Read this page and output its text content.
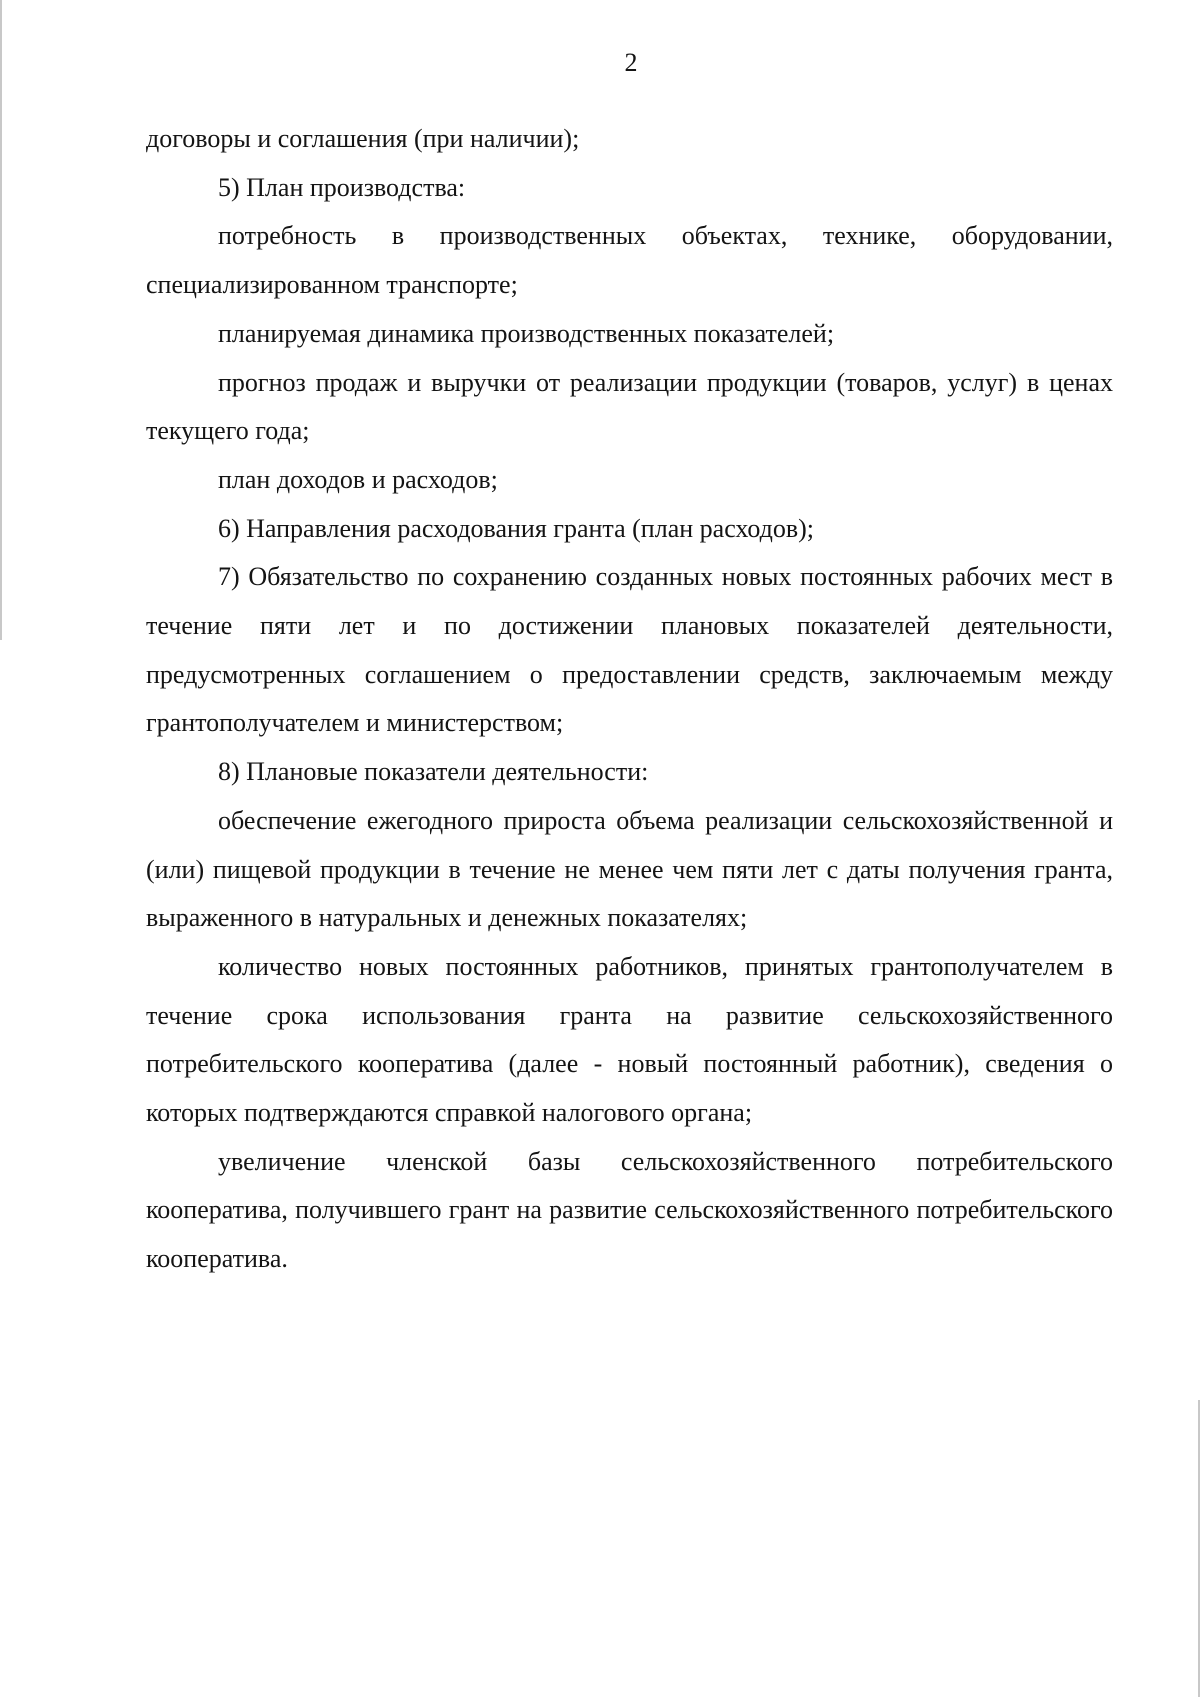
2

договоры и соглашения (при наличии);

5) План производства:

потребность в производственных объектах, технике, оборудовании, специализированном транспорте;

планируемая динамика производственных показателей;

прогноз продаж и выручки от реализации продукции (товаров, услуг) в ценах текущего года;

план доходов и расходов;

6) Направления расходования гранта (план расходов);

7) Обязательство по сохранению созданных новых постоянных рабочих мест в течение пяти лет и по достижении плановых показателей деятельности, предусмотренных соглашением о предоставлении средств, заключаемым между грантополучателем и министерством;

8) Плановые показатели деятельности:

обеспечение ежегодного прироста объема реализации сельскохозяйственной и (или) пищевой продукции в течение не менее чем пяти лет с даты получения гранта, выраженного в натуральных и денежных показателях;

количество новых постоянных работников, принятых грантополучателем в течение срока использования гранта на развитие сельскохозяйственного потребительского кооператива (далее - новый постоянный работник), сведения о которых подтверждаются справкой налогового органа;

увеличение членской базы сельскохозяйственного потребительского кооператива, получившего грант на развитие сельскохозяйственного потребительского кооператива.
